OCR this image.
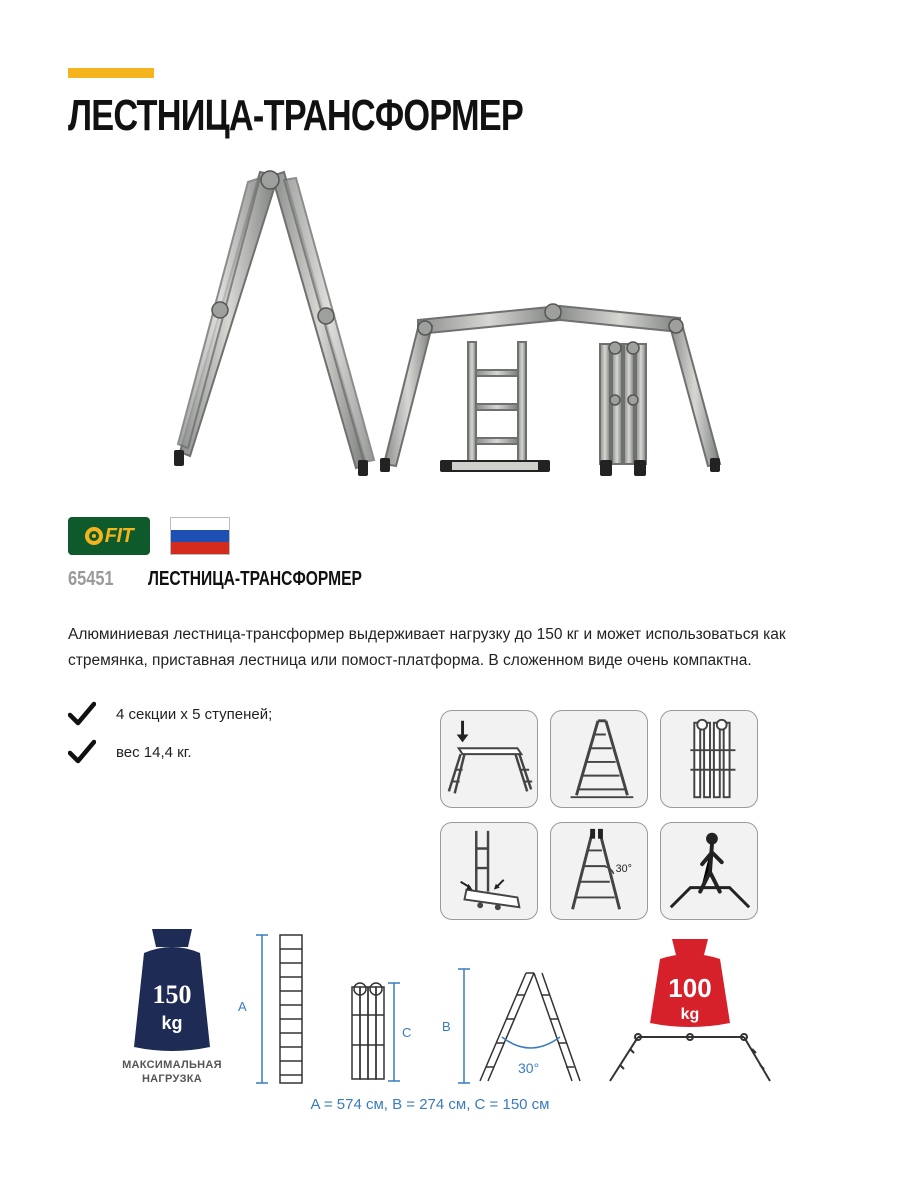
ЛЕСТНИЦА-ТРАНСФОРМЕР
FIT
65451 ЛЕСТНИЦА-ТРАНСФОРМЕР

Алюминиевая лестница-трансформер выдерживает нагрузку до 150 кг и может использоваться как стремянка, приставная лестница или помост-платформа. В сложенном виде очень компактна.

4 секции х 5 ступеней;
вес 14,4 кг.
30°
150
kg
A
C B
30°
100
kg
МАКСИМАЛЬНАЯ
НАГРУЗКА
A = 574 см, B = 274 см, C = 150 см
